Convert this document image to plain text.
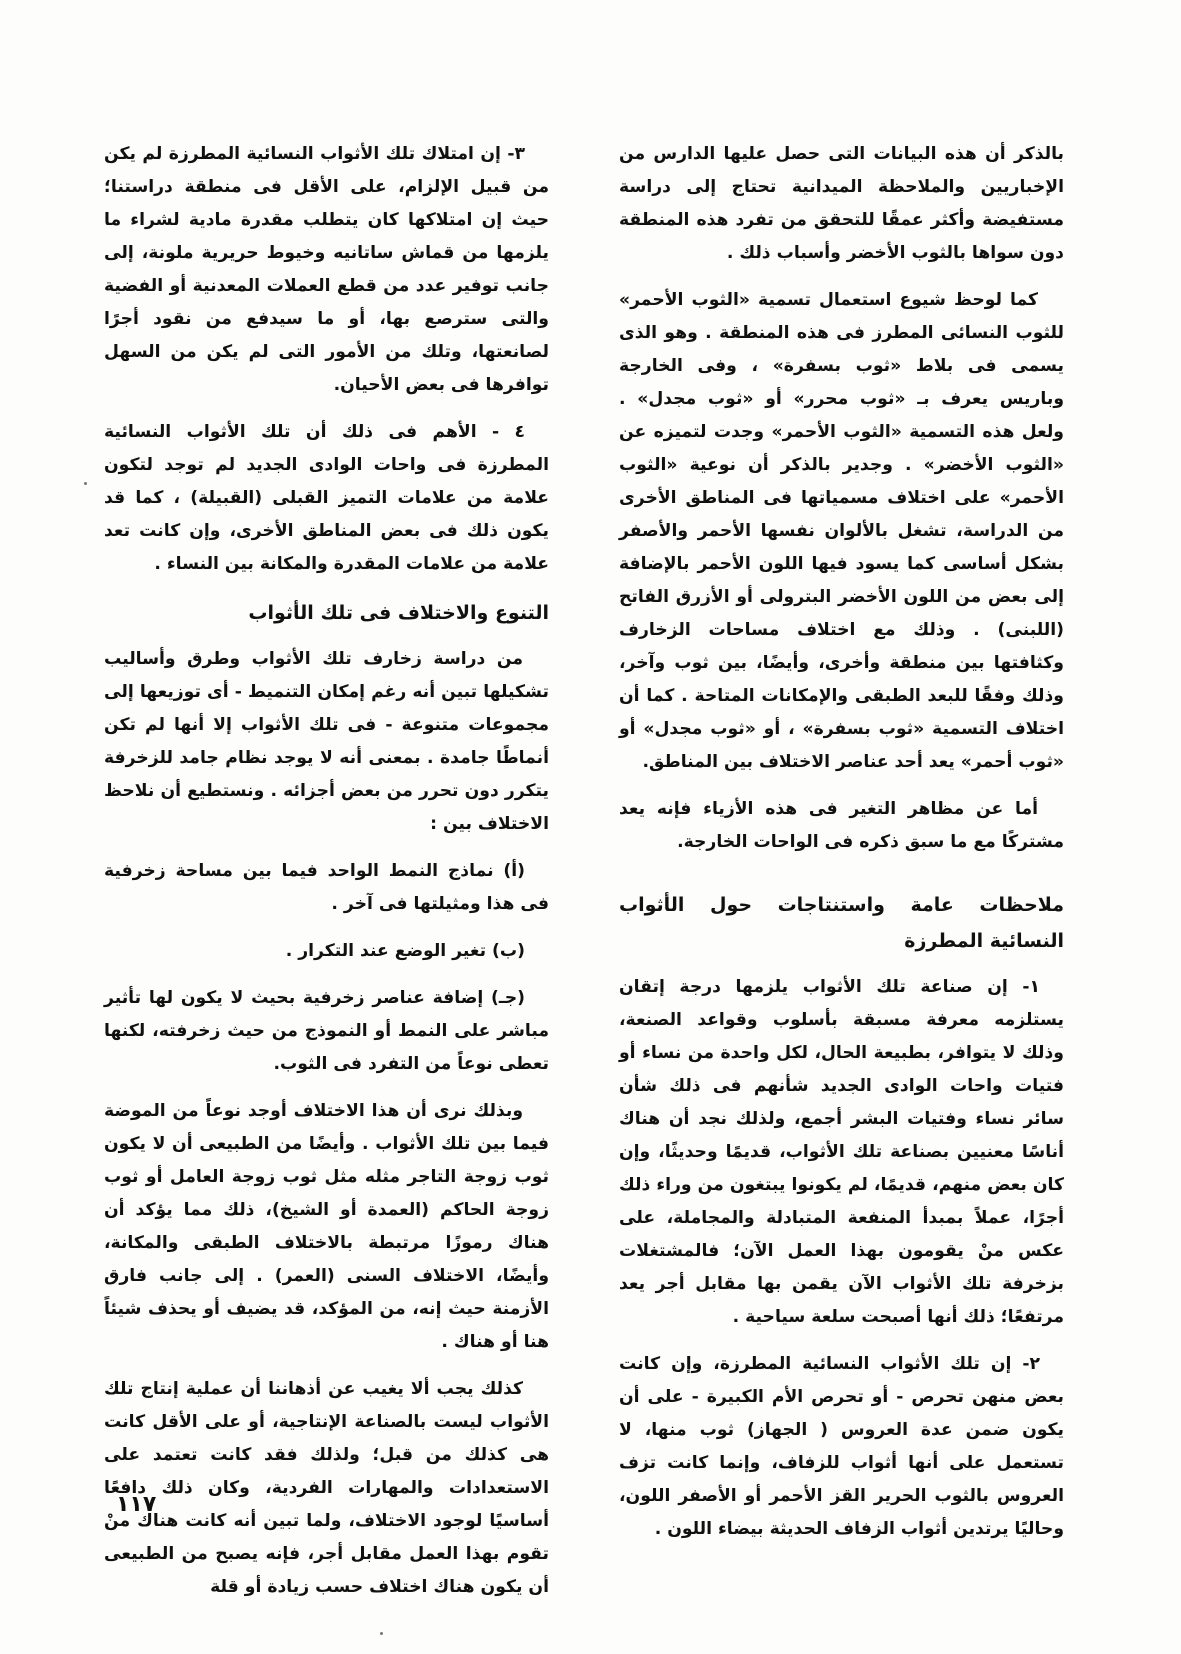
بالذكر أن هذه البيانات التى حصل عليها الدارس من الإخباريين والملاحظة الميدانية تحتاج إلى دراسة مستفيضة وأكثر عمقًا للتحقق من تفرد هذه المنطقة دون سواها بالثوب الأخضر وأسباب ذلك .

كما لوحظ شيوع استعمال تسمية «الثوب الأحمر» للثوب النسائى المطرز فى هذه المنطقة . وهو الذى يسمى فى بلاط «ثوب بسفرة» ، وفى الخارجة وباريس يعرف بـ «ثوب محرر» أو «ثوب مجدل» . ولعل هذه التسمية «الثوب الأحمر» وجدت لتميزه عن «الثوب الأخضر» . وجدير بالذكر أن نوعية «الثوب الأحمر» على اختلاف مسمياتها فى المناطق الأخرى من الدراسة، تشغل بالألوان نفسها الأحمر والأصفر بشكل أساسى كما يسود فيها اللون الأحمر بالإضافة إلى بعض من اللون الأخضر البترولى أو الأزرق الفاتح (اللبنى) . وذلك مع اختلاف مساحات الزخارف وكثافتها بين منطقة وأخرى، وأيضًا، بين ثوب وآخر، وذلك وفقًا للبعد الطبقى والإمكانات المتاحة . كما أن اختلاف التسمية «ثوب بسفرة» ، أو «ثوب مجدل» أو «ثوب أحمر» يعد أحد عناصر الاختلاف بين المناطق.

أما عن مظاهر التغير فى هذه الأزياء فإنه يعد مشتركًا مع ما سبق ذكره فى الواحات الخارجة.

ملاحظات عامة واستنتاجات حول الأثواب النسائية المطرزة

١- إن صناعة تلك الأثواب يلزمها درجة إتقان يستلزمه معرفة مسبقة بأسلوب وقواعد الصنعة، وذلك لا يتوافر، بطبيعة الحال، لكل واحدة من نساء أو فتيات واحات الوادى الجديد شأنهم فى ذلك شأن سائر نساء وفتيات البشر أجمع، ولذلك نجد أن هناك أناسًا معنيين بصناعة تلك الأثواب، قديمًا وحديثًا، وإن كان بعض منهم، قديمًا، لم يكونوا يبتغون من وراء ذلك أجرًا، عملاً بمبدأ المنفعة المتبادلة والمجاملة، على عكس منْ يقومون بهذا العمل الآن؛ فالمشتغلات بزخرفة تلك الأثواب الآن يقمن بها مقابل أجر يعد مرتفعًا؛ ذلك أنها أصبحت سلعة سياحية .

٢- إن تلك الأثواب النسائية المطرزة، وإن كانت بعض منهن تحرص - أو تحرص الأم الكبيرة - على أن يكون ضمن عدة العروس ( الجهاز) ثوب منها، لا تستعمل على أنها أثواب للزفاف، وإنما كانت تزف العروس بالثوب الحرير القز الأحمر أو الأصفر اللون، وحاليًا يرتدين أثواب الزفاف الحديثة بيضاء اللون .

٣- إن امتلاك تلك الأثواب النسائية المطرزة لم يكن من قبيل الإلزام، على الأقل فى منطقة دراستنا؛ حيث إن امتلاكها كان يتطلب مقدرة مادية لشراء ما يلزمها من قماش ساتانيه وخيوط حريرية ملونة، إلى جانب توفير عدد من قطع العملات المعدنية أو الفضية والتى سترصع بها، أو ما سيدفع من نقود أجرًا لصانعتها، وتلك من الأمور التى لم يكن من السهل توافرها فى بعض الأحيان.

٤ - الأهم فى ذلك أن تلك الأثواب النسائية المطرزة فى واحات الوادى الجديد لم توجد لتكون علامة من علامات التميز القبلى (القبيلة) ، كما قد يكون ذلك فى بعض المناطق الأخرى، وإن كانت تعد علامة من علامات المقدرة والمكانة بين النساء .

التنوع والاختلاف فى تلك الأثواب

من دراسة زخارف تلك الأثواب وطرق وأساليب تشكيلها تبين أنه رغم إمكان التنميط - أى توزيعها إلى مجموعات متنوعة - فى تلك الأثواب إلا أنها لم تكن أنماطًا جامدة . بمعنى أنه لا يوجد نظام جامد للزخرفة يتكرر دون تحرر من بعض أجزائه . ونستطيع أن نلاحظ الاختلاف بين :

(أ) نماذج النمط الواحد فيما بين مساحة زخرفية فى هذا ومثيلتها فى آخر .

(ب) تغير الوضع عند التكرار .

(جـ) إضافة عناصر زخرفية بحيث لا يكون لها تأثير مباشر على النمط أو النموذج من حيث زخرفته، لكنها تعطى نوعاً من التفرد فى الثوب.

وبذلك نرى أن هذا الاختلاف أوجد نوعاً من الموضة فيما بين تلك الأثواب . وأيضًا من الطبيعى أن لا يكون ثوب زوجة التاجر مثله مثل ثوب زوجة العامل أو ثوب زوجة الحاكم (العمدة أو الشيخ)، ذلك مما يؤكد أن هناك رموزًا مرتبطة بالاختلاف الطبقى والمكانة، وأيضًا، الاختلاف السنى (العمر) . إلى جانب فارق الأزمنة حيث إنه، من المؤكد، قد يضيف أو يحذف شيئاً هنا أو هناك .

كذلك يجب ألا يغيب عن أذهاننا أن عملية إنتاج تلك الأثواب ليست بالصناعة الإنتاجية، أو على الأقل كانت هى كذلك من قبل؛ ولذلك فقد كانت تعتمد على الاستعدادات والمهارات الفردية، وكان ذلك دافعًا أساسيًا لوجود الاختلاف، ولما تبين أنه كانت هناك منْ تقوم بهذا العمل مقابل أجر، فإنه يصبح من الطبيعى أن يكون هناك اختلاف حسب زيادة أو قلة

١١٧
